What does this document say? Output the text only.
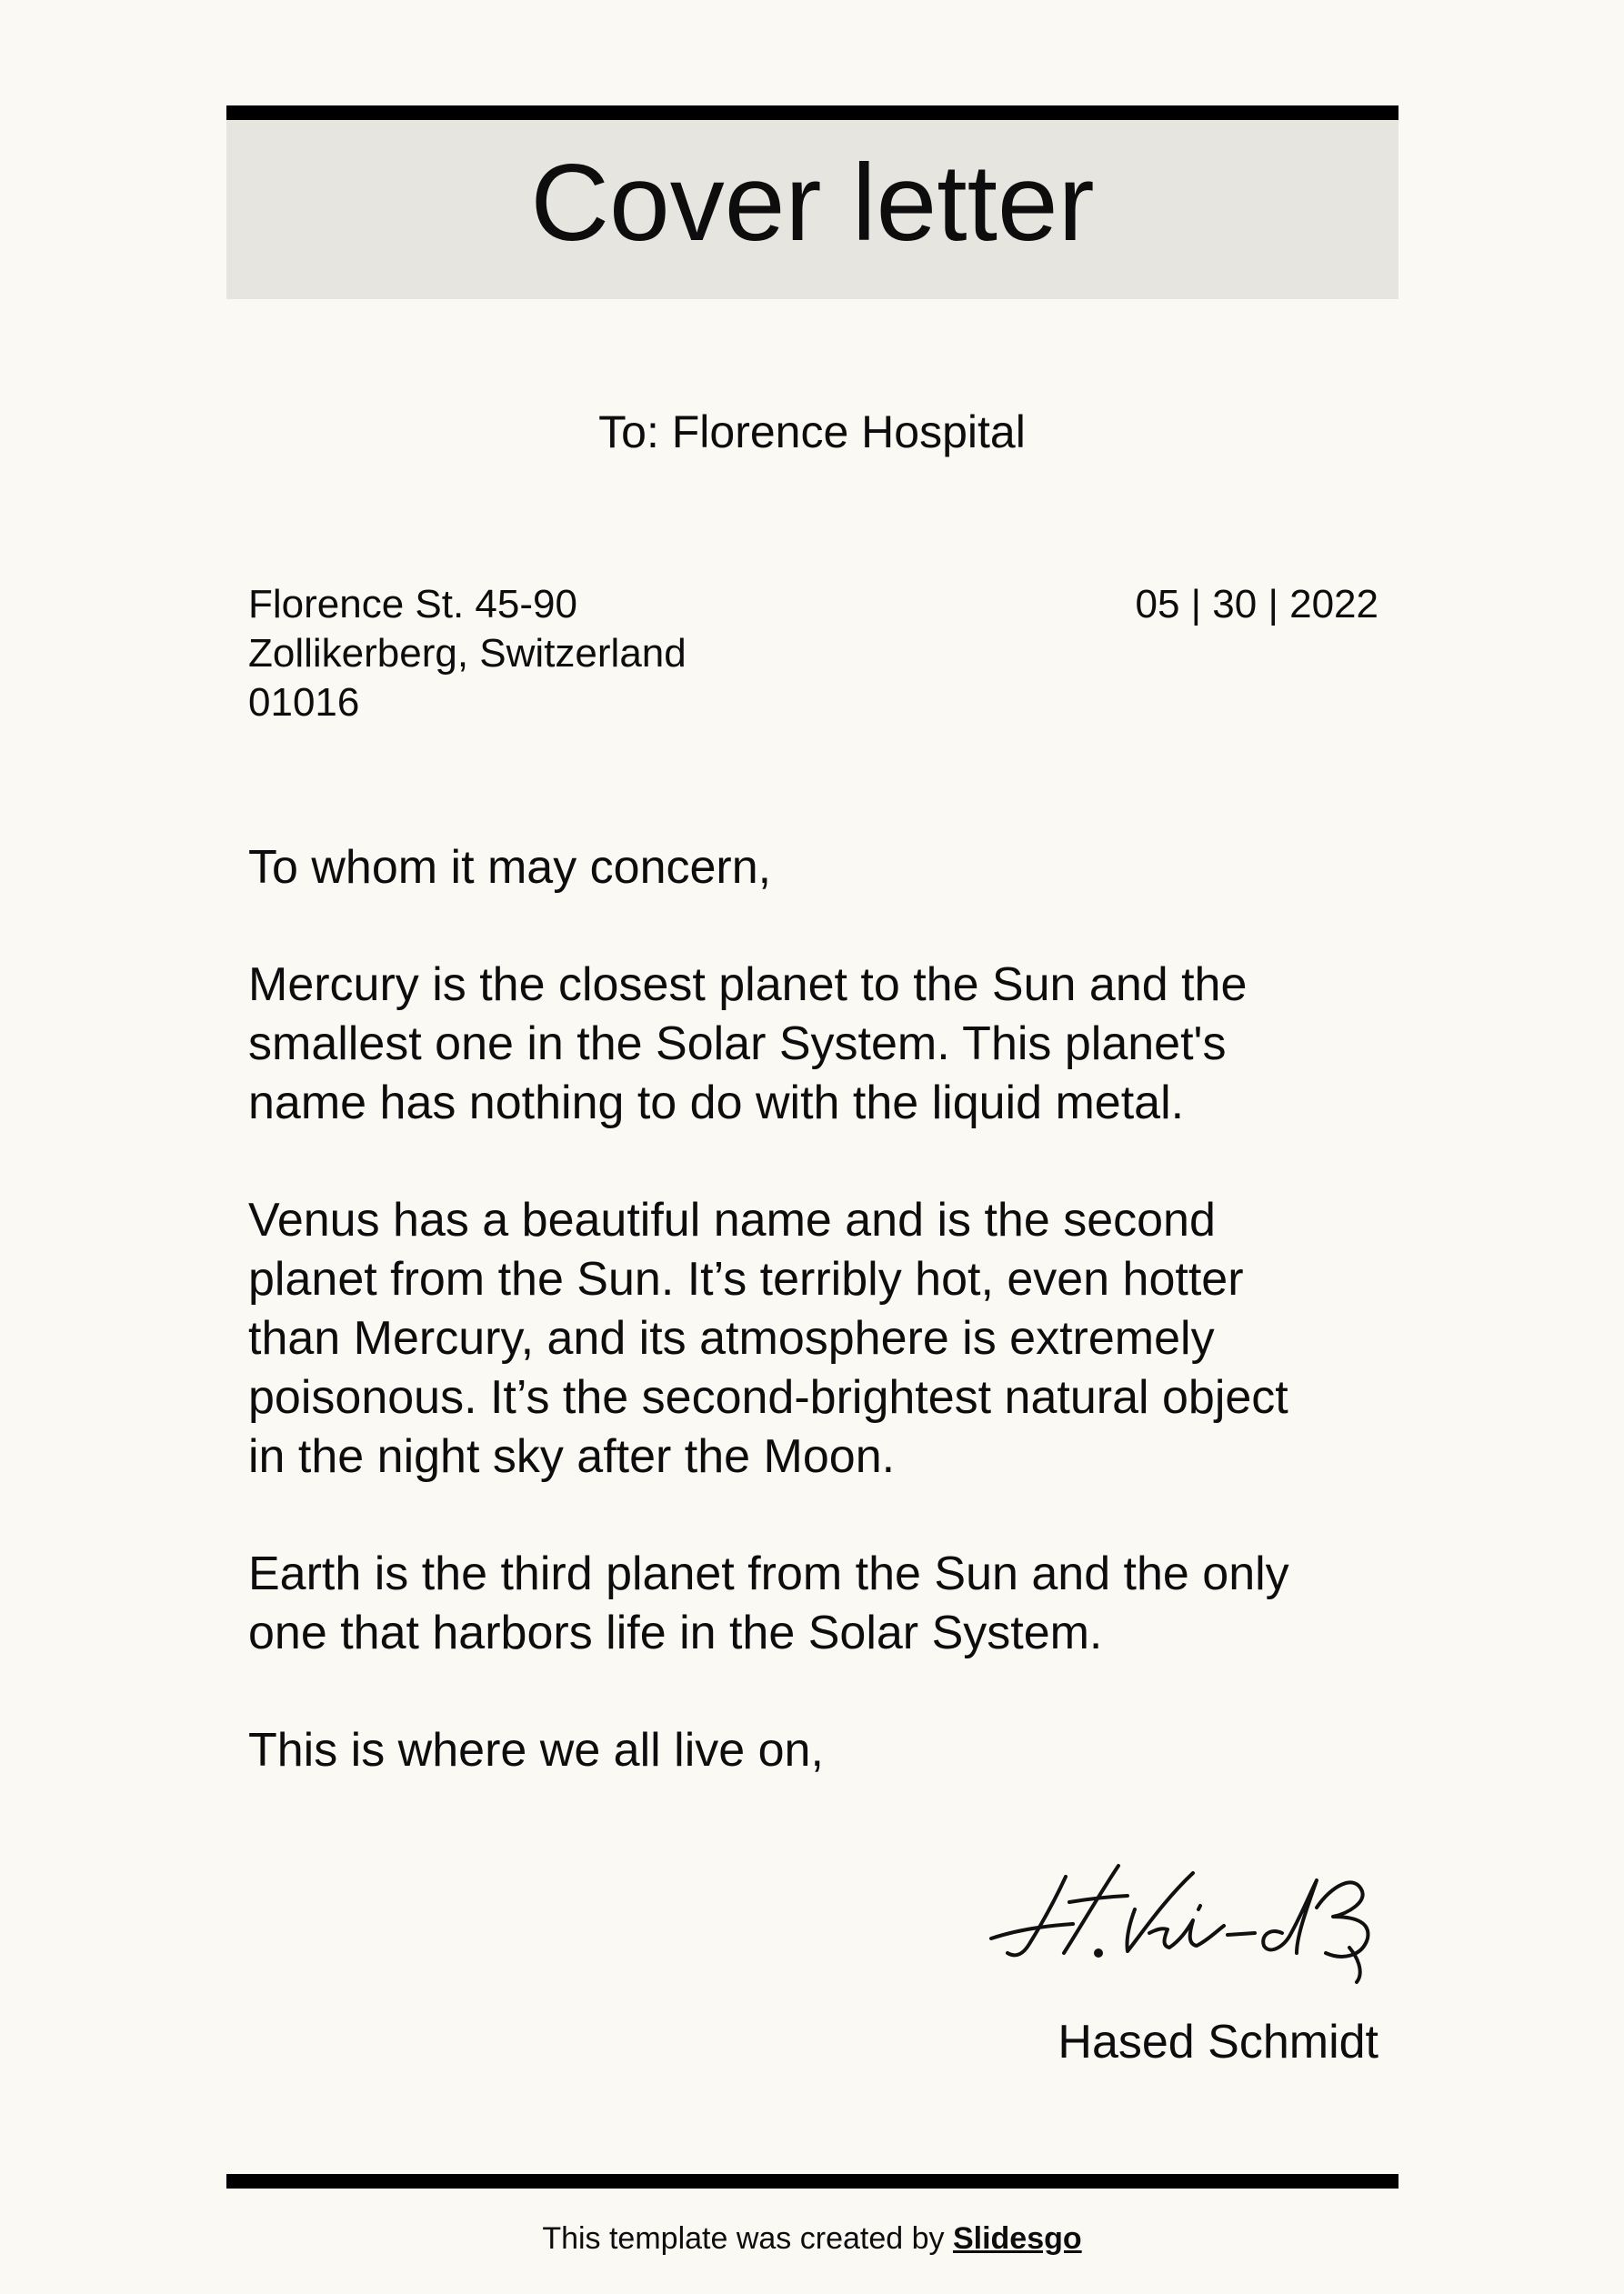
Cover letter
To: Florence Hospital
Florence St. 45-90
Zollikerberg, Switzerland
01016
05 | 30 | 2022

To whom it may concern,

Mercury is the closest planet to the Sun and the
smallest one in the Solar System. This planet's
name has nothing to do with the liquid metal.

Venus has a beautiful name and is the second
planet from the Sun. It’s terribly hot, even hotter
than Mercury, and its atmosphere is extremely
poisonous. It’s the second-brightest natural object
in the night sky after the Moon.

Earth is the third planet from the Sun and the only
one that harbors life in the Solar System.

This is where we all live on,

Hased Schmidt
This template was created by Slidesgo
